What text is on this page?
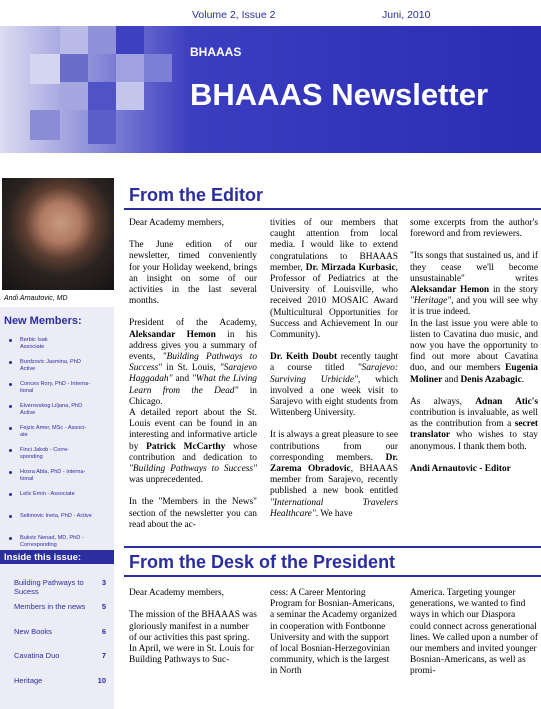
Volume 2, Issue 2	Juni, 2010
BHAAAS
BHAAAS Newsletter
Andi Arnautovic, MD
New Members:
Berbic Isak
Associate
Burdzovic Jasmina, PhD
Active
Conces Rory, PhD - Interna-
tional
Elverovskog Liljana, PhD
Active
Fejzic Amer, MSc - Associ-
ate
Finci Jakob - Corre-
sponding
Hosra Abla, PhD - interna-
tional
Lelic Emin - Associate
Selimovic Ineta, PhD - Active
Bukvic Nenad, MD, PhD -
Corresponding
Inside this issue:
Building Pathways to Sucess
3
Members in the news 5
New Books	6
Cavatina Duo	7
Heritage	10
From the Editor

Dear Academy members,

The June edition of our newsletter, timed conveniently for your Holiday weekend, brings an insight on some of our activities in the last several months.

President of the Academy, Aleksandar Hemon in his address gives you a summary of events, "Building Pathways to Success" in St. Louis, "Sarajevo Haggadah" and "What the Living Learn from the Dead" in Chicago.

A detailed report about the St. Louis event can be found in an interesting and informative article by Patrick McCarthy whose contribution and dedication to "Building Pathways to Success" was unprecedented.

In the "Members in the News" section of the newsletter you can read about the ac-

tivities of our members that caught attention from local media. I would like to extend congratulations to BHAAAS member, Dr. Mirzada Kurbasic, Professor of Pediatrics at the University of Louisville, who received 2010 MOSAIC Award (Multicultural Opportunities for Success and Achievement In our Community).

Dr. Keith Doubt recently taught a course titled "Sarajevo: Surviving Urbicide", which involved a one week visit to Sarajevo with eight students from Wittenberg University.

It is always a great pleasure to see contributions from our corresponding members. Dr. Zarema Obradovic, BHAAAS member from Sarajevo, recently published a new book entitled "International Travelers Healthcare". We have

some excerpts from the author's foreword and from reviewers.

"Its songs that sustained us, and if they cease we'll become unsustainable" writes Aleksandar Hemon in the story "Heritage", and you will see why it is true indeed.

In the last issue you were able to listen to Cavatina duo music, and now you have the opportunity to find out more about Cavatina duo, and our members Eugenia Moliner and Denis Azabagic.

As always, Adnan Atic's contribution is invaluable, as well as the contribution from a secret translator who wishes to stay anonymous. I thank them both.

Andi Arnautovic - Editor

From the Desk of the President
Dear Academy members,

The mission of the BHAAAS was gloriously manifest in a number of our activities this past spring.
In April, we were in St. Louis for Building Pathways to Suc-
cess: A Career Mentoring Program for Bosnian-Americans, a seminar the Academy organized in cooperation with Fontbonne University and with the support of local Bosnian-Herzegovinian community, which is the largest in North
America. Targeting younger generations, we wanted to find ways in which our Diaspora could connect across generational lines. We called upon a number of our members and invited younger Bosnian-Americans, as well as promi-
